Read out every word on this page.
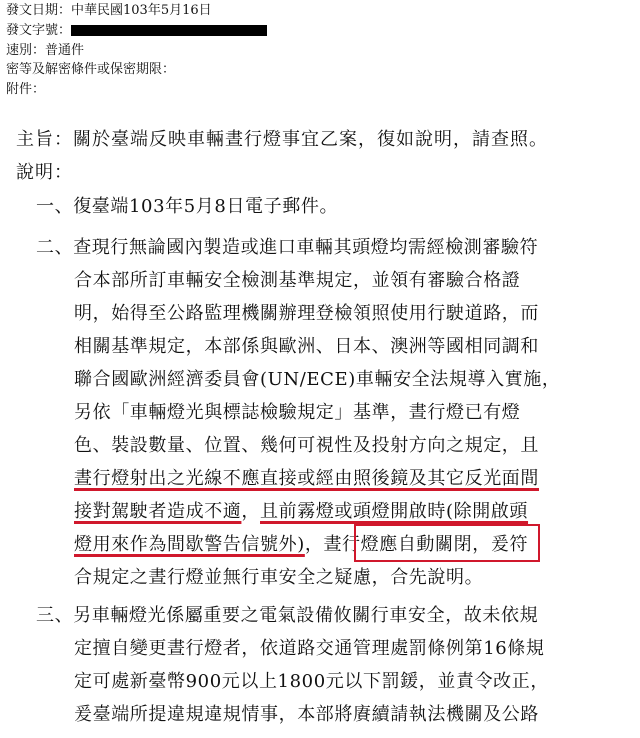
發文日期：中華民國103年5月16日
發文字號：
速別：普通件
密等及解密條件或保密期限：
附件：
主旨：關於臺端反映車輛晝行燈事宜乙案，復如說明，請查照。
說明：
一、復臺端103年5月8日電子郵件。
二、查現行無論國內製造或進口車輛其頭燈均需經檢測審驗符
合本部所訂車輛安全檢測基準規定，並領有審驗合格證
明，始得至公路監理機關辦理登檢領照使用行駛道路，而
相關基準規定，本部係與歐洲、日本、澳洲等國相同調和
聯合國歐洲經濟委員會(UN/ECE)車輛安全法規導入實施，
另依「車輛燈光與標誌檢驗規定」基準，晝行燈已有燈
色、裝設數量、位置、幾何可視性及投射方向之規定，且
晝行燈射出之光線不應直接或經由照後鏡及其它反光面間
接對駕駛者造成不適，且前霧燈或頭燈開啟時(除開啟頭
燈用來作為間歇警告信號外)，晝行燈應自動關閉，爰符
合規定之晝行燈並無行車安全之疑慮，合先說明。
三、另車輛燈光係屬重要之電氣設備攸關行車安全，故未依規
定擅自變更晝行燈者，依道路交通管理處罰條例第16條規
定可處新臺幣900元以上1800元以下罰鍰，並責令改正，
爰臺端所提違規違規情事，本部將賡續請執法機關及公路
